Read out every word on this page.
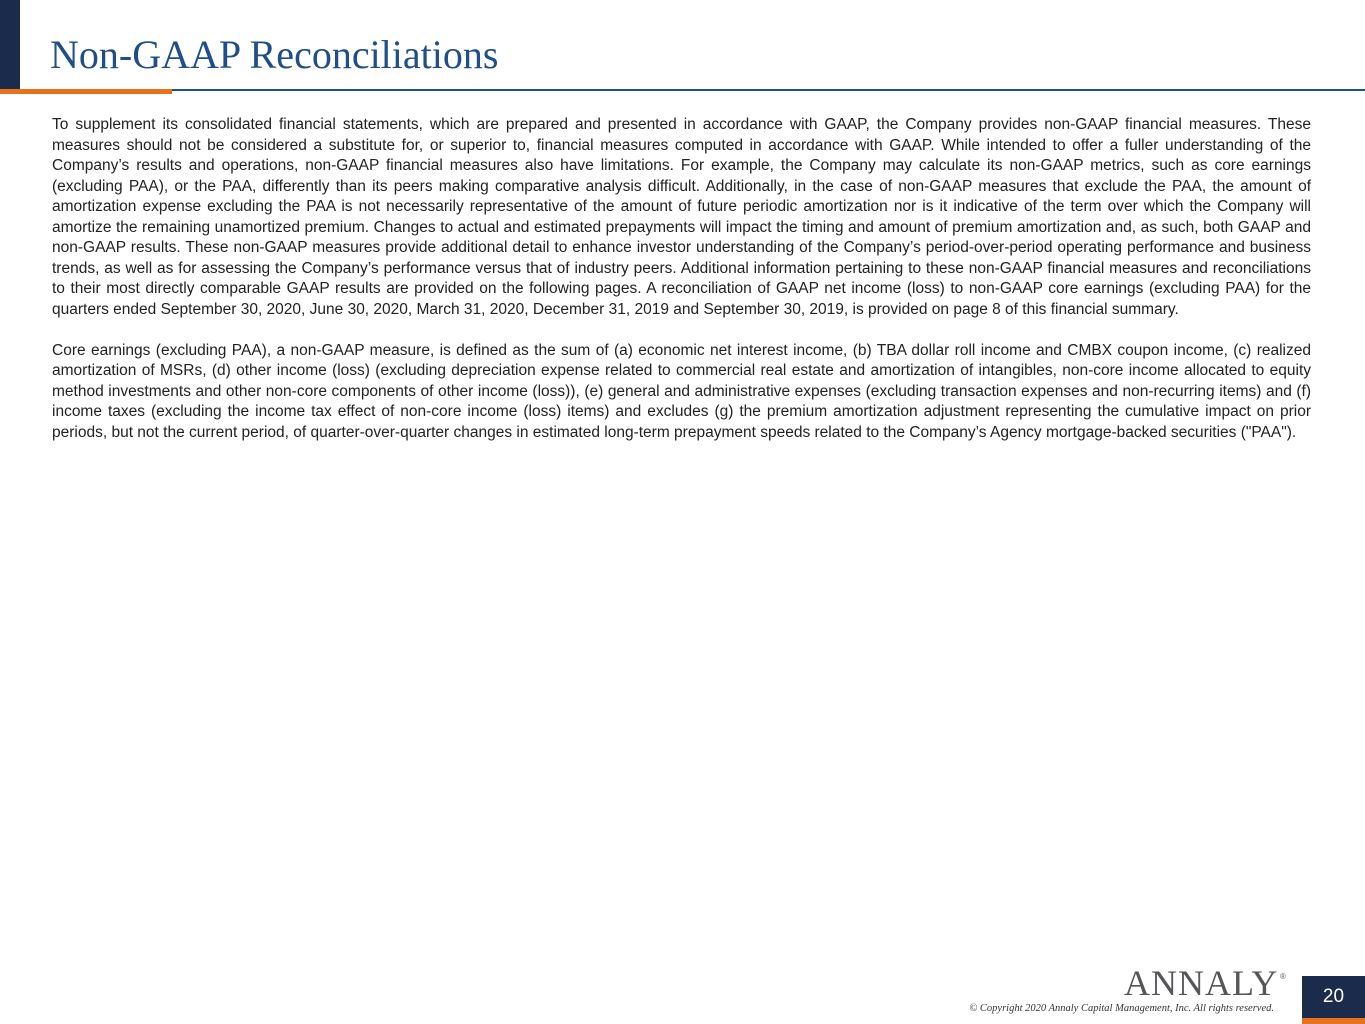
Non-GAAP Reconciliations

To supplement its consolidated financial statements, which are prepared and presented in accordance with GAAP, the Company provides non-GAAP financial measures. These measures should not be considered a substitute for, or superior to, financial measures computed in accordance with GAAP. While intended to offer a fuller understanding of the Company’s results and operations, non-GAAP financial measures also have limitations. For example, the Company may calculate its non-GAAP metrics, such as core earnings (excluding PAA), or the PAA, differently than its peers making comparative analysis difficult. Additionally, in the case of non-GAAP measures that exclude the PAA, the amount of amortization expense excluding the PAA is not necessarily representative of the amount of future periodic amortization nor is it indicative of the term over which the Company will amortize the remaining unamortized premium. Changes to actual and estimated prepayments will impact the timing and amount of premium amortization and, as such, both GAAP and non-GAAP results. These non-GAAP measures provide additional detail to enhance investor understanding of the Company’s period-over-period operating performance and business trends, as well as for assessing the Company’s performance versus that of industry peers. Additional information pertaining to these non-GAAP financial measures and reconciliations to their most directly comparable GAAP results are provided on the following pages. A reconciliation of GAAP net income (loss) to non-GAAP core earnings (excluding PAA) for the quarters ended September 30, 2020, June 30, 2020, March 31, 2020, December 31, 2019 and September 30, 2019, is provided on page 8 of this financial summary.

Core earnings (excluding PAA), a non-GAAP measure, is defined as the sum of (a) economic net interest income, (b) TBA dollar roll income and CMBX coupon income, (c) realized amortization of MSRs, (d) other income (loss) (excluding depreciation expense related to commercial real estate and amortization of intangibles, non-core income allocated to equity method investments and other non-core components of other income (loss)), (e) general and administrative expenses (excluding transaction expenses and non-recurring items) and (f) income taxes (excluding the income tax effect of non-core income (loss) items) and excludes (g) the premium amortization adjustment representing the cumulative impact on prior periods, but not the current period, of quarter-over-quarter changes in estimated long-term prepayment speeds related to the Company’s Agency mortgage-backed securities ("PAA").

ANNALY ®
© Copyright 2020 Annaly Capital Management, Inc. All rights reserved.
20
